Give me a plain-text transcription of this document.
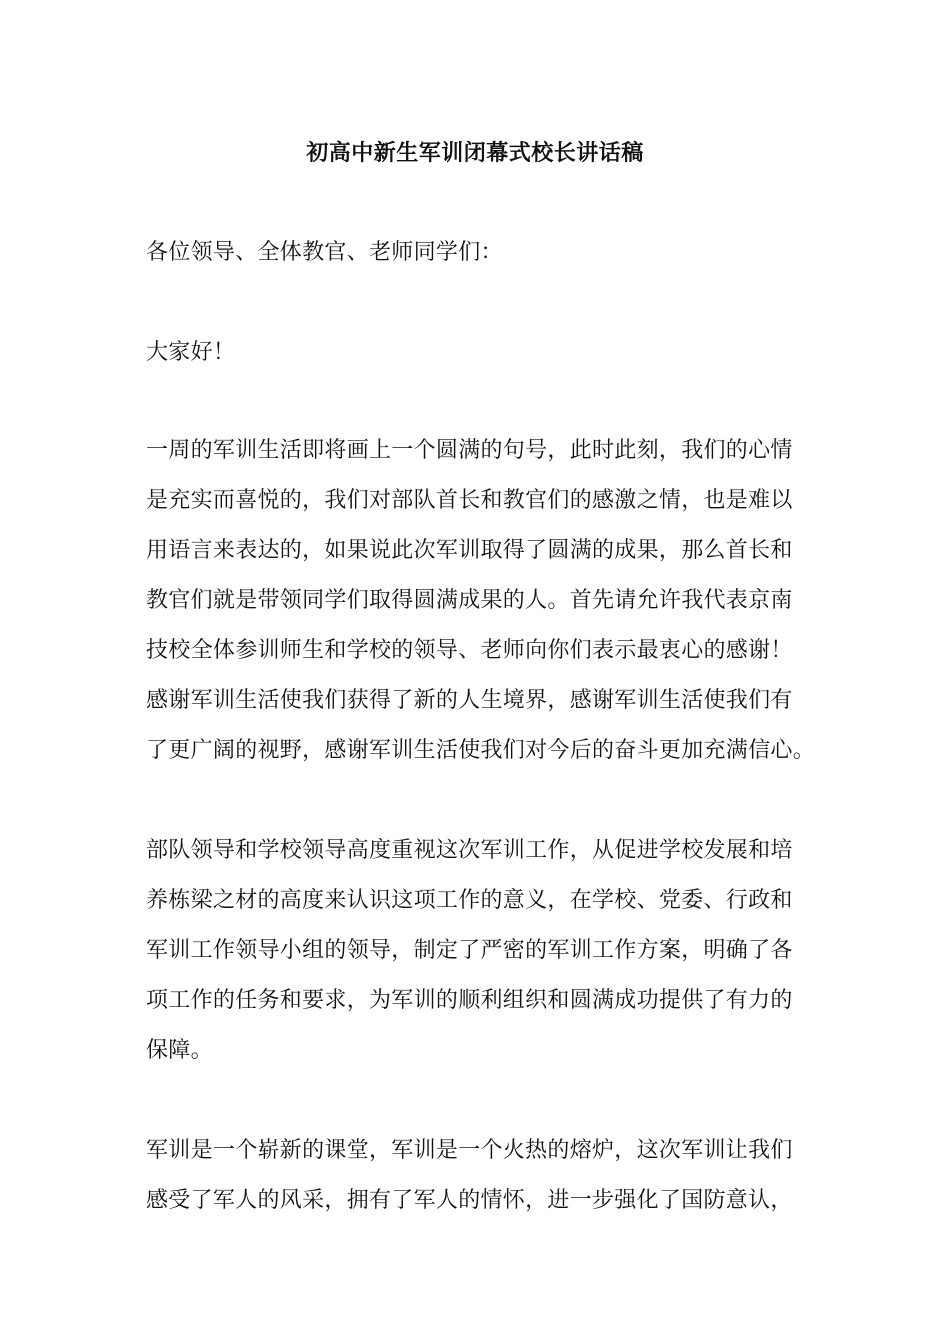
初高中新生军训闭幕式校长讲话稿
各位领导、全体教官、老师同学们：
大家好！
一周的军训生活即将画上一个圆满的句号，此时此刻，我们的心情
是充实而喜悦的，我们对部队首长和教官们的感激之情，也是难以
用语言来表达的，如果说此次军训取得了圆满的成果，那么首长和
教官们就是带领同学们取得圆满成果的人。首先请允许我代表京南
技校全体参训师生和学校的领导、老师向你们表示最衷心的感谢！
感谢军训生活使我们获得了新的人生境界，感谢军训生活使我们有
了更广阔的视野，感谢军训生活使我们对今后的奋斗更加充满信心。
部队领导和学校领导高度重视这次军训工作，从促进学校发展和培
养栋梁之材的高度来认识这项工作的意义，在学校、党委、行政和
军训工作领导小组的领导，制定了严密的军训工作方案，明确了各
项工作的任务和要求，为军训的顺利组织和圆满成功提供了有力的
保障。
军训是一个崭新的课堂，军训是一个火热的熔炉，这次军训让我们
感受了军人的风采，拥有了军人的情怀，进一步强化了国防意认，
